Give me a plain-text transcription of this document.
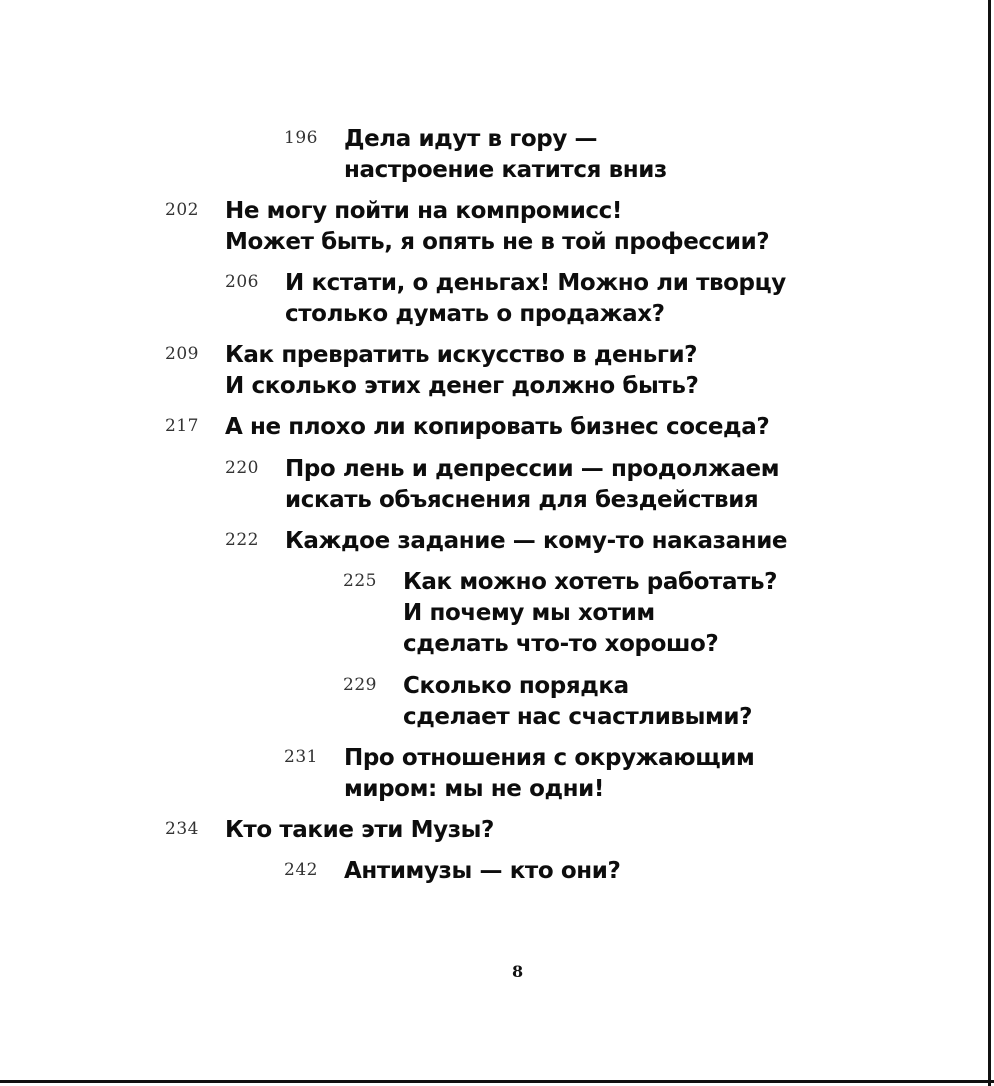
196 Дела идут в гору —
настроение катится вниз
202 Не могу пойти на компромисс!
Может быть, я опять не в той профессии?
206 И кстати, о деньгах! Можно ли творцу
столько думать о продажах?
209 Как превратить искусство в деньги?
И сколько этих денег должно быть?
217 А не плохо ли копировать бизнес соседа?
220 Про лень и депрессии — продолжаем
искать объяснения для бездействия
222 Каждое задание — кому-то наказание
225 Как можно хотеть работать?
И почему мы хотим
сделать что-то хорошо?
229 Сколько порядка
сделает нас счастливыми?
231 Про отношения с окружающим
миром: мы не одни!
234 Кто такие эти Музы?
242 Антимузы — кто они?
8
